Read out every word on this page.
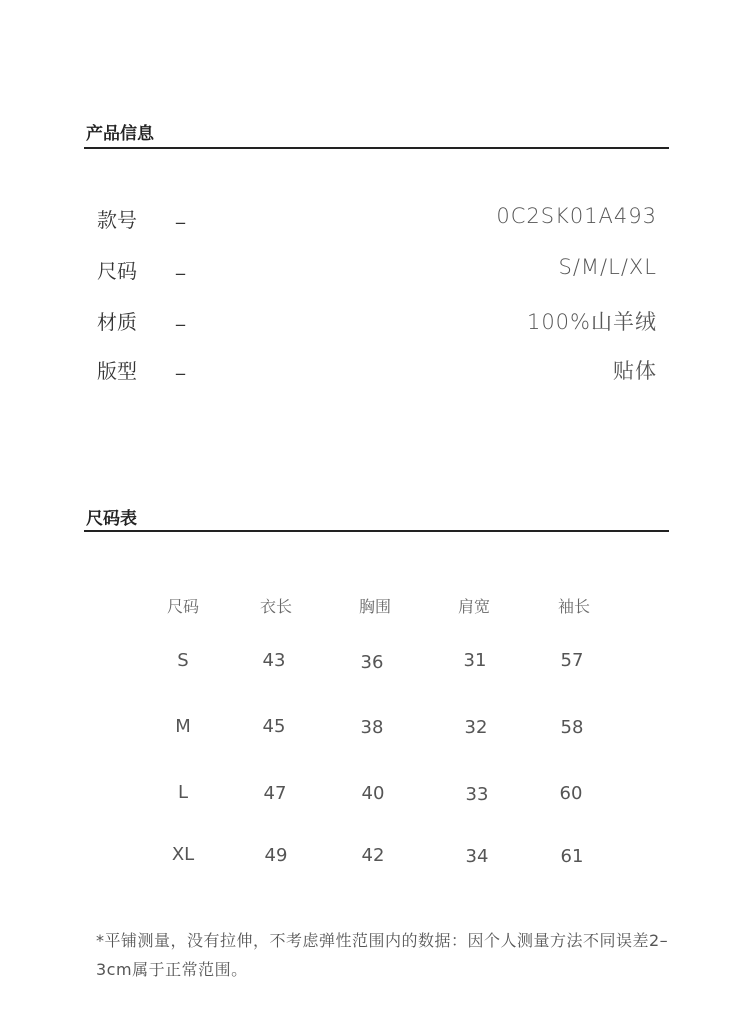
产品信息
款号 _	0C2SK01A493
尺码 _	S/M/L/XL
材质 _	100%山羊绒
版型 _	贴体
尺码表
尺码	衣长	胸围	肩宽	袖长
S	43	36	31	57
M	45	38	32	58
L	47	40	33	60
XL	49	42	34	61
*平铺测量，没有拉伸，不考虑弹性范围内的数据：因个人测量方法不同误差2–3cm属于正常范围。
